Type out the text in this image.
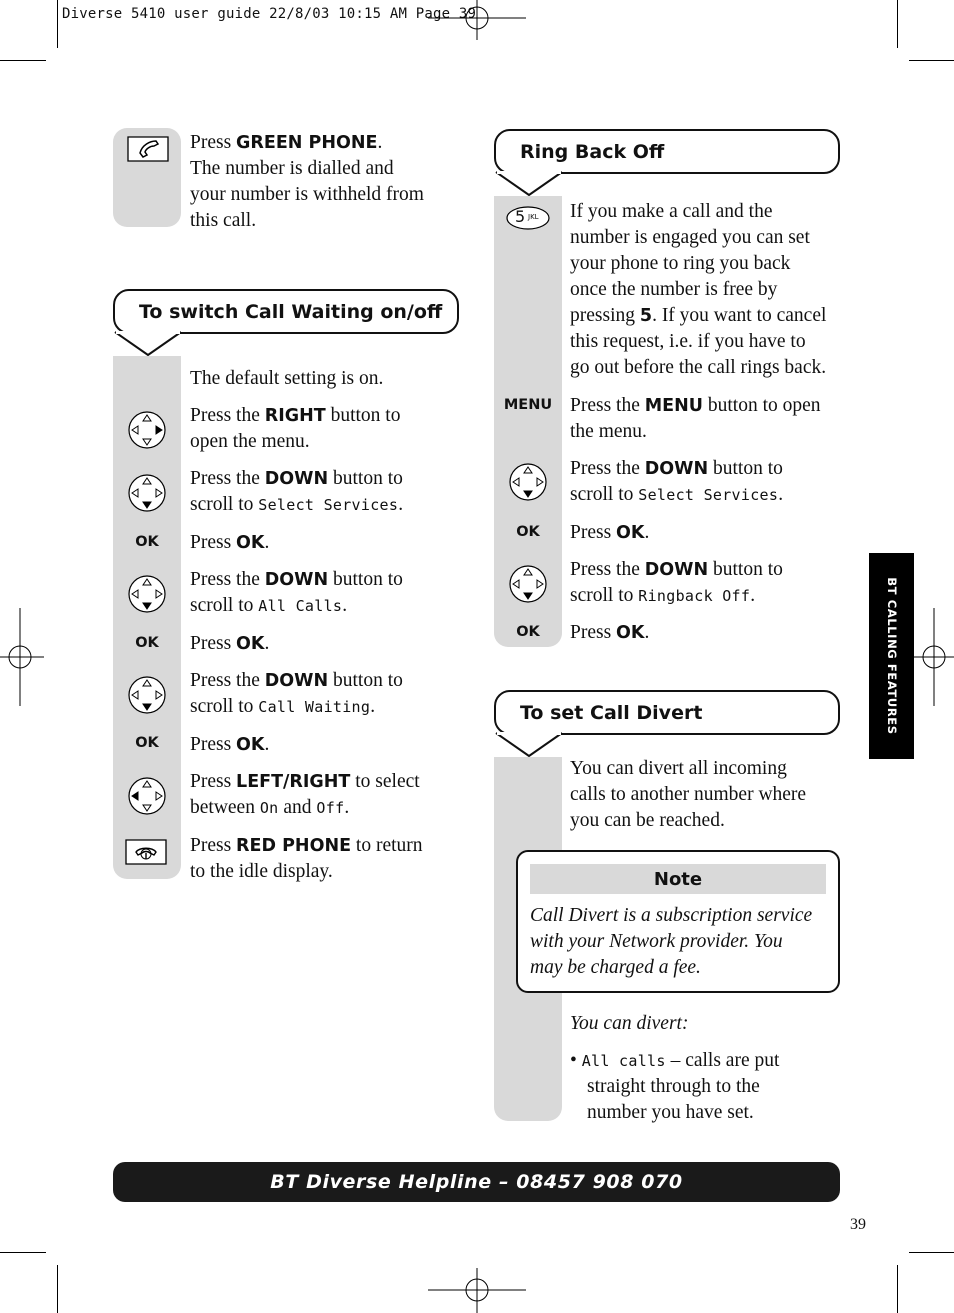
Diverse 5410 user guide 22/8/03 10:15 AM Page 39
Press GREEN PHONE.
The number is dialled and
your number is withheld from
this call.
To switch Call Waiting on/off
The default setting is on.
Press the RIGHT button to
open the menu.
Press the DOWN button to
scroll to Select Services.
OK	Press OK.
Press the DOWN button to
scroll to All Calls.
OK	Press OK.
Press the DOWN button to
scroll to Call Waiting.
OK	Press OK.
Press LEFT/RIGHT to select
between On and Off.
Press RED PHONE to return
to the idle display.
Ring Back Off
5 JKL If you make a call and the
number is engaged you can set
your phone to ring you back
once the number is free by
pressing 5. If you want to cancel
this request, i.e. if you have to
go out before the call rings back.
MENU Press the MENU button to open
the menu.
Press the DOWN button to
scroll to Select Services.
OK	Press OK.
Press the DOWN button to
scroll to Ringback Off.
OK	Press OK.
To set Call Divert
You can divert all incoming
calls to another number where
you can be reached.
Note
Call Divert is a subscription service
with your Network provider. You
may be charged a fee.
You can divert:
• All calls – calls are put
straight through to the
number you have set.
BT CALLING FEATURES
BT Diverse Helpline – 08457 908 070
39
